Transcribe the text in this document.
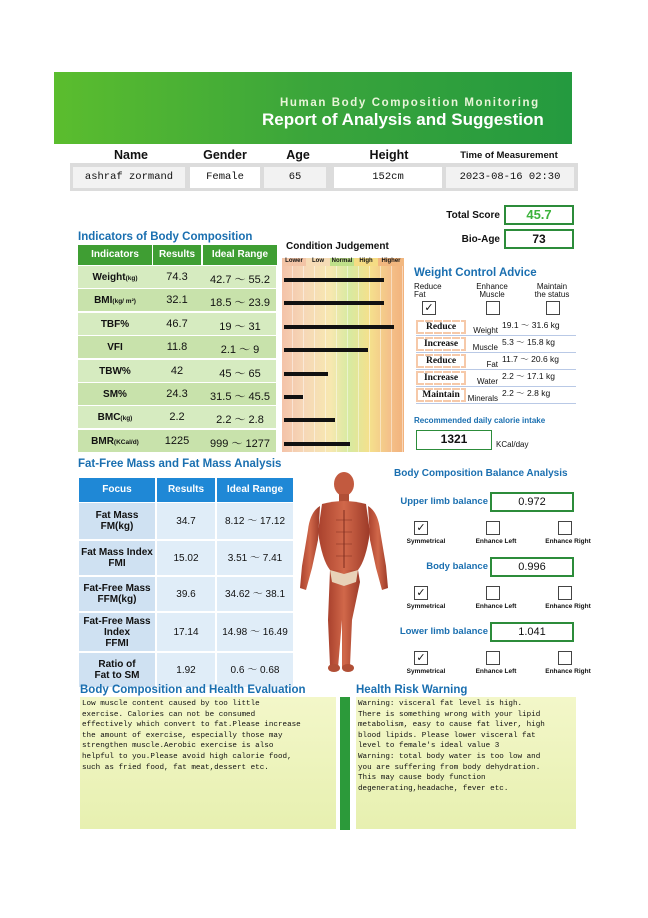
Human Body Composition Monitoring
Report of Analysis and Suggestion
Name	Gender	Age	Height	Time of Measurement
ashraf zormand	Female	65	152cm	2023-08-16 02:30
Total Score	45.7
Bio-Age	73
Indicators of Body Composition
Indicators	Results	Ideal Range
Weight(kg)	74.3	42.7 ～ 55.2
BMI(kg/ m²)	32.1	18.5 ～ 23.9
TBF%	46.7	19 ～ 31
VFI	11.8	2.1 ～ 9
TBW%	42	45 ～ 65
SM%	24.3	31.5 ～ 45.5
BMC(kg)	2.2	2.2 ～ 2.8
BMR(KCal/d)	1225	999 ～ 1277
Condition Judgement
Lower	Low	Normal	High	Higher
Weight Control Advice
Reduce
Fat
✓
Enhance
Muscle
Maintain
the status
Reduce	Weight
19.1 ～ 31.6 kg
Increase	Muscle
5.3 ～ 15.8 kg
Reduce	Fat
11.7 ～ 20.6 kg
Increase	Water
2.2 ～ 17.1 kg
Maintain	Minerals
2.2 ～ 2.8 kg
Recommended daily calorie intake
1321	KCal/day
Fat-Free Mass and Fat Mass Analysis
Focus	Results	Ideal Range
Fat Mass
FM(kg)	34.7	8.12 ～ 17.12
Fat Mass Index
FMI	15.02	3.51 ～ 7.41
Fat-Free Mass
FFM(kg)	39.6	34.62 ～ 38.1
Fat-Free Mass
Index
FFMI
17.14	14.98 ～ 16.49
Ratio of
Fat to SM	1.92	0.6 ～ 0.68
Body Composition Balance Analysis
Upper limb balance	0.972
✓
Symmetrical	Enhance Left	Enhance Right
Body balance	0.996
✓
Symmetrical	Enhance Left	Enhance Right
Lower limb balance	1.041
✓
Symmetrical	Enhance Left	Enhance Right
Body Composition and Health Evaluation
Low muscle content caused by too little
exercise. Calories can not be consumed
effectively which convert to fat.Please increase
the amount of exercise, especially those may
strengthen muscle.Aerobic exercise is also
helpful to you.Please avoid high calorie food,
such as fried food, fat meat,dessert etc.
Health Risk Warning
Warning: visceral fat level is high.
There is something wrong with your lipid
metabolism, easy to cause fat liver, high
blood lipids. Please lower visceral fat
level to female's ideal value 3
Warning: total body water is too low and
you are suffering from body dehydration.
This may cause body function
degenerating,headache, fever etc.
